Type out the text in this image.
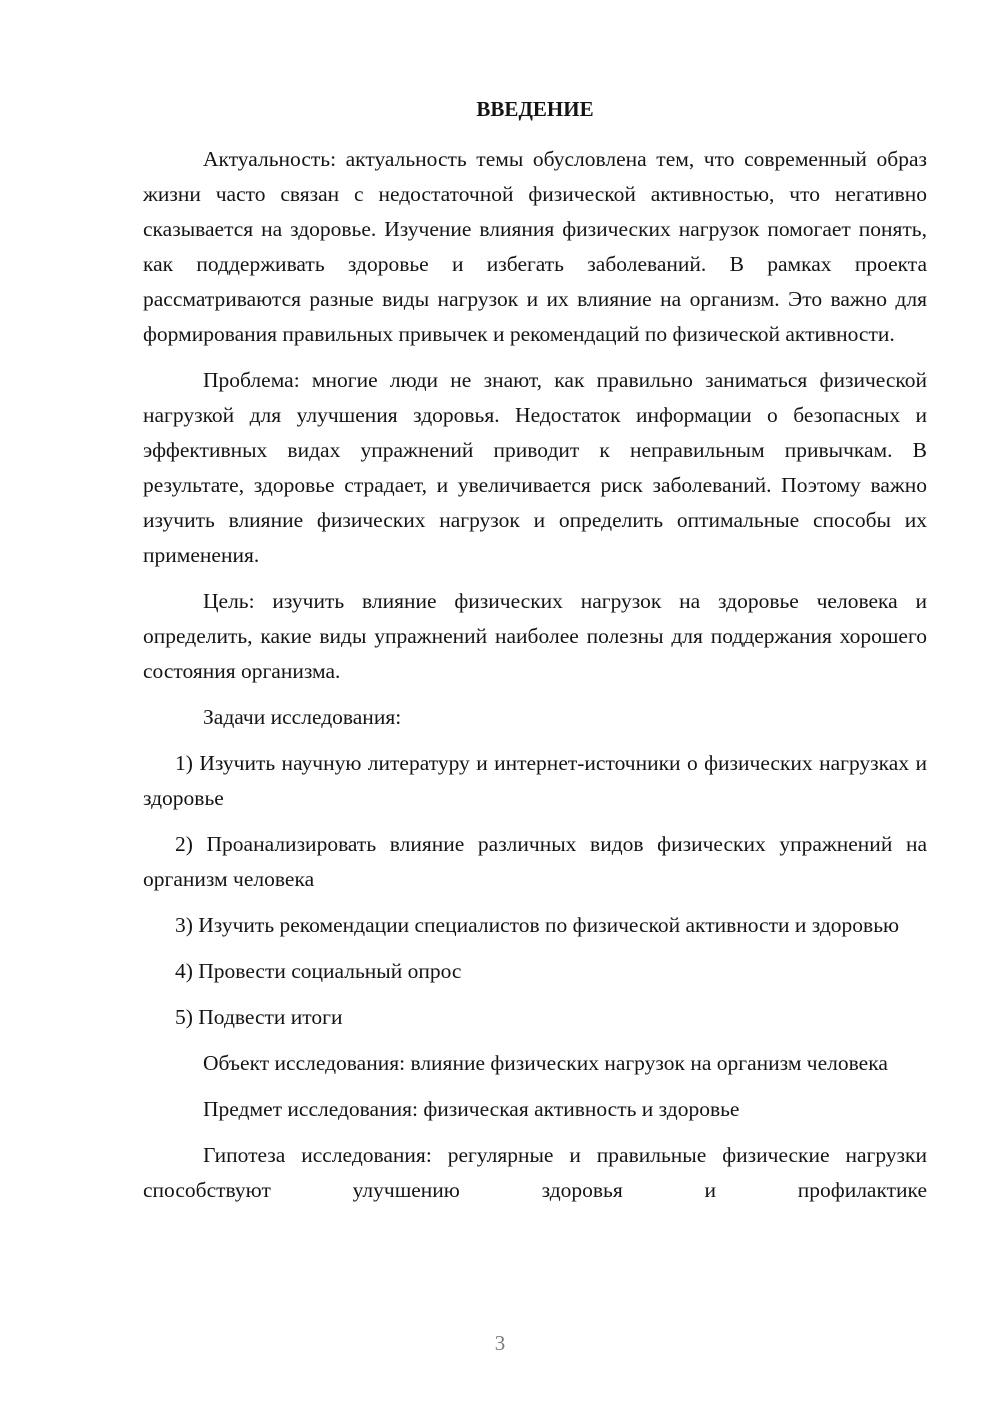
ВВЕДЕНИЕ

Актуальность: актуальность темы обусловлена тем, что современный образ жизни часто связан с недостаточной физической активностью, что негативно сказывается на здоровье. Изучение влияния физических нагрузок помогает понять, как поддерживать здоровье и избегать заболеваний. В рамках проекта рассматриваются разные виды нагрузок и их влияние на организм. Это важно для формирования правильных привычек и рекомендаций по физической активности.

Проблема: многие люди не знают, как правильно заниматься физической нагрузкой для улучшения здоровья. Недостаток информации о безопасных и эффективных видах упражнений приводит к неправильным привычкам. В результате, здоровье страдает, и увеличивается риск заболеваний. Поэтому важно изучить влияние физических нагрузок и определить оптимальные способы их применения.

Цель: изучить влияние физических нагрузок на здоровье человека и определить, какие виды упражнений наиболее полезны для поддержания хорошего состояния организма.

Задачи исследования:

1) Изучить научную литературу и интернет-источники о физических нагрузках и здоровье

2) Проанализировать влияние различных видов физических упражнений на организм человека

3) Изучить рекомендации специалистов по физической активности и здоровью

4) Провести социальный опрос

5) Подвести итоги

Объект исследования: влияние физических нагрузок на организм человека

Предмет исследования: физическая активность и здоровье

Гипотеза исследования: регулярные и правильные физические нагрузки способствуют улучшению здоровья и профилактике

3
